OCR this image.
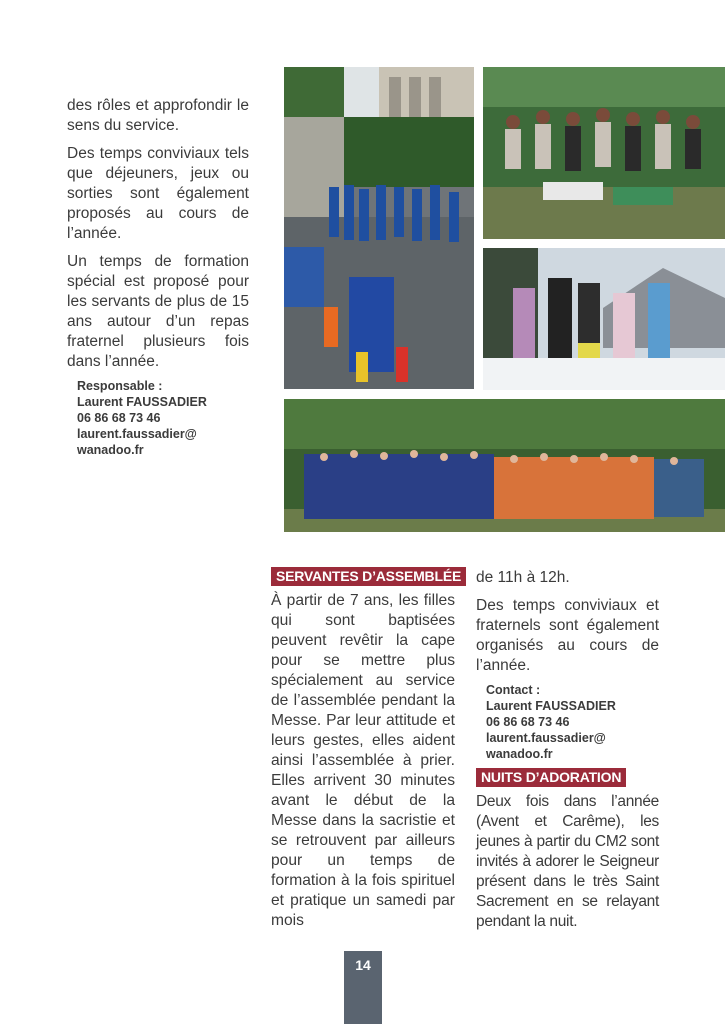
des rôles et approfondir le sens du service.

Des temps conviviaux tels que déjeuners, jeux ou sorties sont également proposés au cours de l’année.

Un temps de formation spécial est proposé pour les servants de plus de 15 ans autour d’un repas fraternel plusieurs fois dans l’année.

Responsable :
Laurent FAUSSADIER
06 86 68 73 46
laurent.faussadier@
wanadoo.fr
SERVANTES D’ASSEMBLÉE

À partir de 7 ans, les filles qui sont baptisées peuvent revêtir la cape pour se mettre plus spécialement au service de l’assemblée pendant la Messe. Par leur attitude et leurs gestes, elles aident ainsi l’assemblée à prier. Elles arrivent 30 minutes avant le début de la Messe dans la sacristie et se retrouvent par ailleurs pour un temps de formation à la fois spirituel et pratique un samedi par mois

de 11h à 12h.

Des temps conviviaux et fraternels sont également organisés au cours de l’année.

Contact :
Laurent FAUSSADIER
06 86 68 73 46
laurent.faussadier@
wanadoo.fr
NUITS D’ADORATION

Deux fois dans l’année (Avent et Carême), les jeunes à partir du CM2 sont invités à adorer le Seigneur présent dans le très Saint Sacrement en se relayant pendant la nuit.

14
